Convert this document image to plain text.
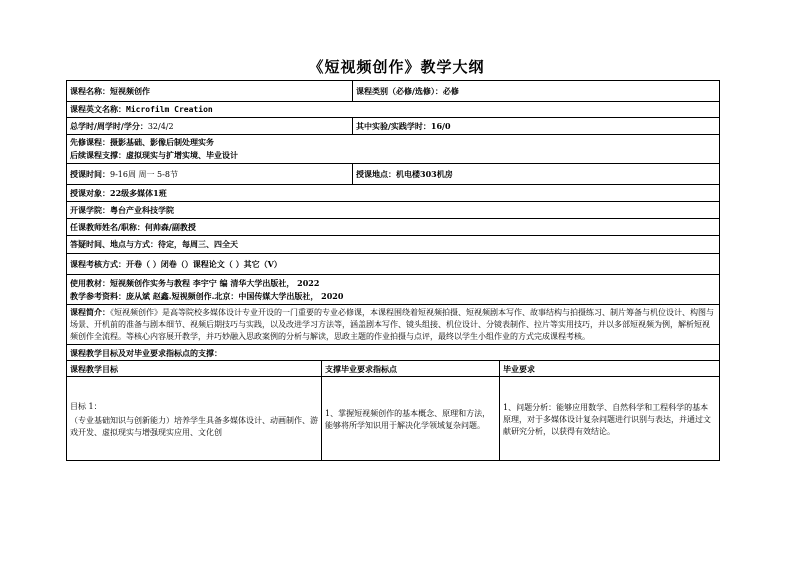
《短视频创作》教学大纲
课程名称：短视频创作	课程类别（必修/选修）：必修
课程英文名称：Microfilm Creation	
总学时/周学时/学分：32/4/2	其中实验/实践学时：16/0

先修课程：摄影基础、影像后制处理实务
后续课程支撑：虚拟现实与扩增实境、毕业设计	

授课时间：9-16周 周一 5-8节	授课地点：机电楼303机房
授课对象：22级多媒体1班	
开课学院：粤台产业科技学院	
任课教师姓名/职称：何帅森/副教授	
答疑时间、地点与方式：待定，每周三、四全天	
课程考核方式：开卷（ ）闭卷（）课程论文（ ）其它（V）	

使用教材：短视频创作实务与教程 李宇宁 编 清华大学出版社， 2022
教学参考资料：庞从斌 赵鑫.短视频创作.北京：中国传媒大学出版社， 2020	

课程简介：《短视频创作》是高等院校多媒体设计专业开设的一门重要的专业必修课，本课程围绕着短视频拍摄、短视频剧本写作、故事结构与拍摄练习、制片筹备与机位设计、构图与场景、开机前的准备与剧本细节、视频后期技巧与实践，以及改进学习方法等，涵盖剧本写作、镜头组接、机位设计、分镜表制作、拉片等实用技巧，并以多部短视频为例，解析短视频创作全流程。等核心内容展开教学，并巧妙融入思政案例的分析与解读，思政主题的作业拍摄与点评，最终以学生小组作业的方式完成课程考核。	
课程教学目标及对毕业要求指标点的支撑：	
课程教学目标	支撑毕业要求指标点	毕业要求

目标 1：
（专业基础知识与创新能力）培养学生具备多媒体设计、动画制作、游戏开发、虚拟现实与增强现实应用、文化创	1、掌握短视频创作的基本概念、原理和方法，能够将所学知识用于解决化学领域复杂问题。	1、问题分析：能够应用数学、自然科学和工程科学的基本原理，对于多媒体设计复杂问题进行识别与表达，并通过文献研究分析，以获得有效结论。
